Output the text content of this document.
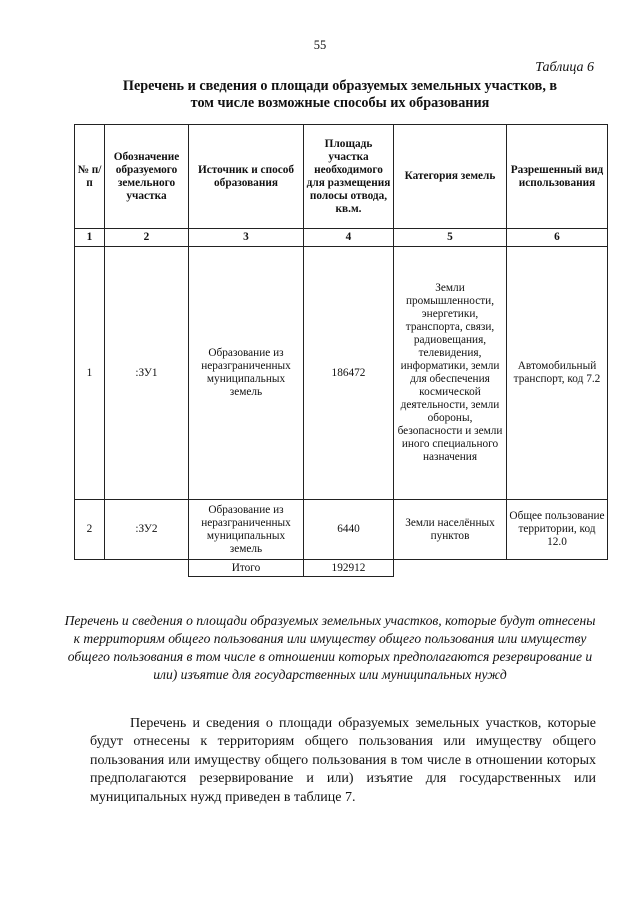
55
Таблица 6
Перечень и сведения о площади образуемых земельных участков, в
том числе возможные способы их образования
№ п/п	Обозначение образуемого земельного участка	Источник и способ образования	Площадь участка необходимого для размещения полосы отвода, кв.м.	Категория земель	Разрешенный вид использования
1	2	3	4	5	6
1	:ЗУ1	Образование из неразграниченных муниципальных земель	186472	Земли промышленности, энергетики, транспорта, связи, радиовещания, телевидения, информатики, земли для обеспечения космической деятельности, земли обороны, безопасности и земли иного специального назначения	Автомобильный транспорт, код 7.2
2	:ЗУ2	Образование из неразграниченных муниципальных земель	6440	Земли населённых пунктов	Общее пользование территории, код 12.0
		Итого	192912		
Перечень и сведения о площади образуемых земельных участков, которые будут отнесены к территориям общего пользования или имуществу общего пользования или имуществу общего пользования в том числе в отношении которых предполагаются резервирование и или) изъятие для государственных или муниципальных нужд
Перечень и сведения о площади образуемых земельных участков, которые будут отнесены к территориям общего пользования или имуществу общего пользования или имуществу общего пользования в том числе в отношении которых предполагаются резервирование и или) изъятие для государственных или муниципальных нужд приведен в таблице 7.
